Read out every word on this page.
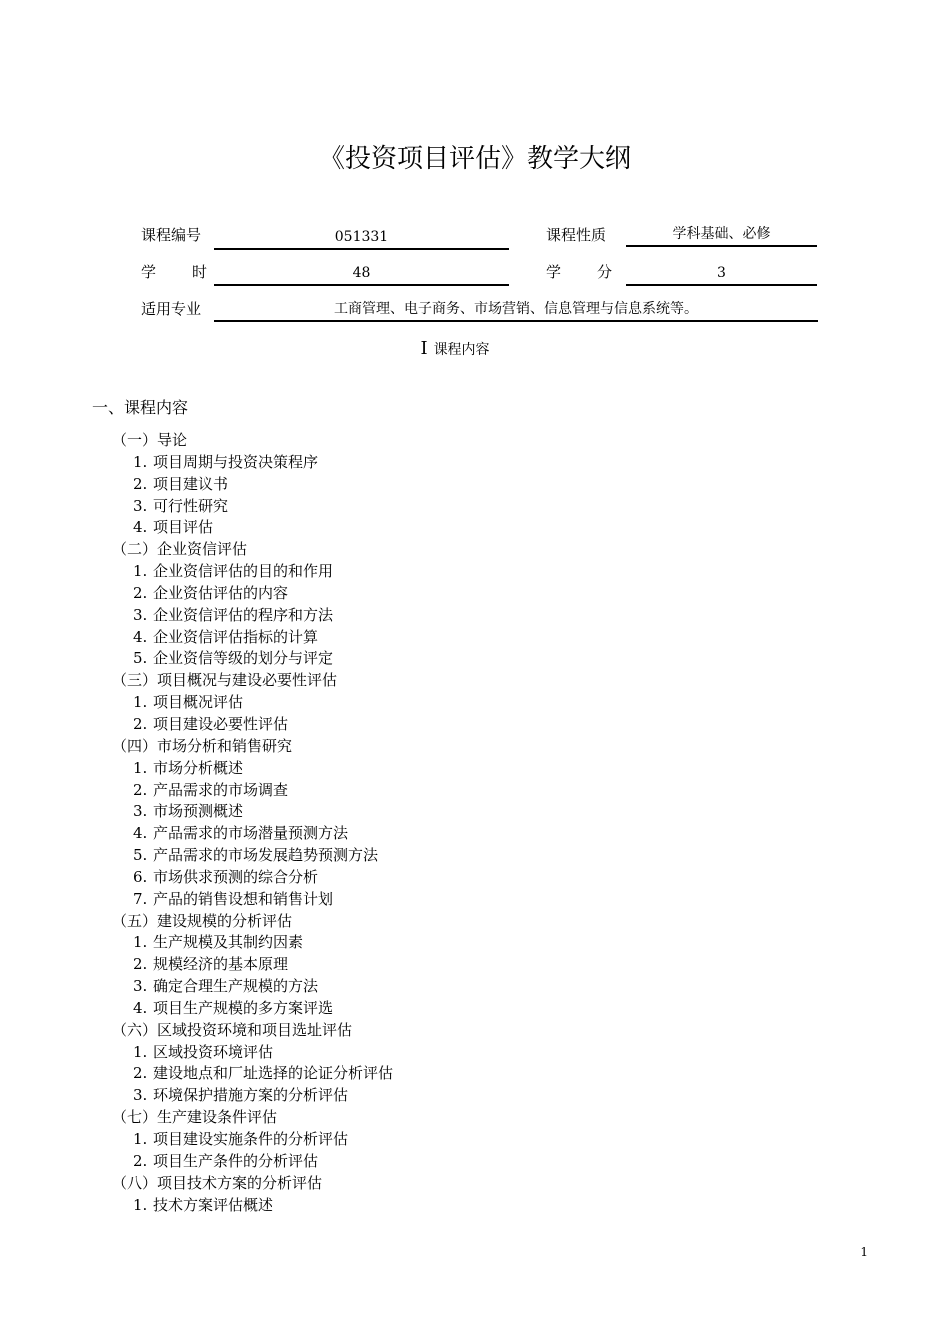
《投资项目评估》教学大纲
课程编号	051331	课程性质	学科基础、必修
学 时	48	学 分	3
适用专业	工商管理、电子商务、市场营销、信息管理与信息系统等。
I 课程内容
一、课程内容
（一）导论
1. 项目周期与投资决策程序
2. 项目建议书
3. 可行性研究
4. 项目评估
（二）企业资信评估
1. 企业资信评估的目的和作用
2. 企业资估评估的内容
3. 企业资信评估的程序和方法
4. 企业资信评估指标的计算
5. 企业资信等级的划分与评定
（三）项目概况与建设必要性评估
1. 项目概况评估
2. 项目建设必要性评估
（四）市场分析和销售研究
1. 市场分析概述
2. 产品需求的市场调查
3. 市场预测概述
4. 产品需求的市场潜量预测方法
5. 产品需求的市场发展趋势预测方法
6. 市场供求预测的综合分析
7. 产品的销售设想和销售计划
（五）建设规模的分析评估
1. 生产规模及其制约因素
2. 规模经济的基本原理
3. 确定合理生产规模的方法
4. 项目生产规模的多方案评选
（六）区域投资环境和项目选址评估
1. 区域投资环境评估
2. 建设地点和厂址选择的论证分析评估
3. 环境保护措施方案的分析评估
（七）生产建设条件评估
1. 项目建设实施条件的分析评估
2. 项目生产条件的分析评估
（八）项目技术方案的分析评估
1. 技术方案评估概述
1
